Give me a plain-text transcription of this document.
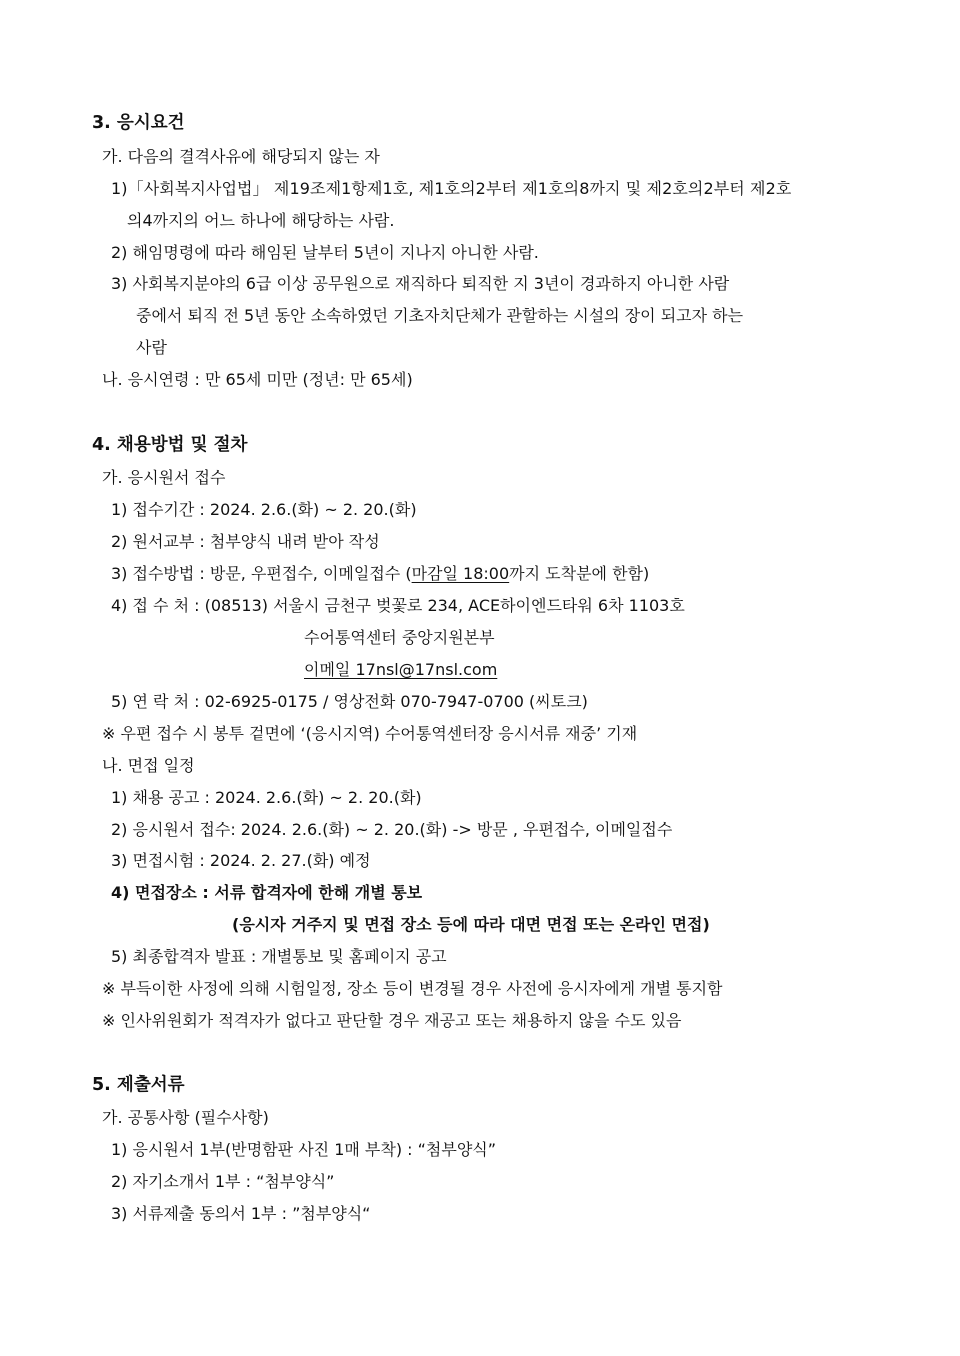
3. 응시요건
가. 다음의 결격사유에 해당되지 않는 자
1)「사회복지사업법」 제19조제1항제1호, 제1호의2부터 제1호의8까지 및 제2호의2부터 제2호
의4까지의 어느 하나에 해당하는 사람.
2) 해임명령에 따라 해임된 날부터 5년이 지나지 아니한 사람.
3) 사회복지분야의 6급 이상 공무원으로 재직하다 퇴직한 지 3년이 경과하지 아니한 사람
중에서 퇴직 전 5년 동안 소속하였던 기초자치단체가 관할하는 시설의 장이 되고자 하는
사람
나. 응시연령 : 만 65세 미만 (정년: 만 65세)
4. 채용방법 및 절차
가. 응시원서 접수
1) 접수기간 : 2024. 2.6.(화) ~ 2. 20.(화)
2) 원서교부 : 첨부양식 내려 받아 작성
3) 접수방법 : 방문, 우편접수, 이메일접수 (마감일 18:00까지 도착분에 한함)
4) 접 수 처 : (08513) 서울시 금천구 벚꽃로 234, ACE하이엔드타워 6차 1103호
수어통역센터 중앙지원본부
이메일 17nsl@17nsl.com
5) 연 락 처 : 02-6925-0175 / 영상전화 070-7947-0700 (씨토크)
※ 우편 접수 시 봉투 겉면에 ‘(응시지역) 수어통역센터장 응시서류 재중’ 기재
나. 면접 일정
1) 채용 공고 : 2024. 2.6.(화) ~ 2. 20.(화)
2) 응시원서 접수: 2024. 2.6.(화) ~ 2. 20.(화) -> 방문 , 우편접수, 이메일접수
3) 면접시험 : 2024. 2. 27.(화) 예정
4) 면접장소 : 서류 합격자에 한해 개별 통보
(응시자 거주지 및 면접 장소 등에 따라 대면 면접 또는 온라인 면접)
5) 최종합격자 발표 : 개별통보 및 홈페이지 공고
※ 부득이한 사정에 의해 시험일정, 장소 등이 변경될 경우 사전에 응시자에게 개별 통지함
※ 인사위원회가 적격자가 없다고 판단할 경우 재공고 또는 채용하지 않을 수도 있음
5. 제출서류
가. 공통사항 (필수사항)
1) 응시원서 1부(반명함판 사진 1매 부착) : “첨부양식”
2) 자기소개서 1부 : “첨부양식”
3) 서류제출 동의서 1부 : ”첨부양식“
